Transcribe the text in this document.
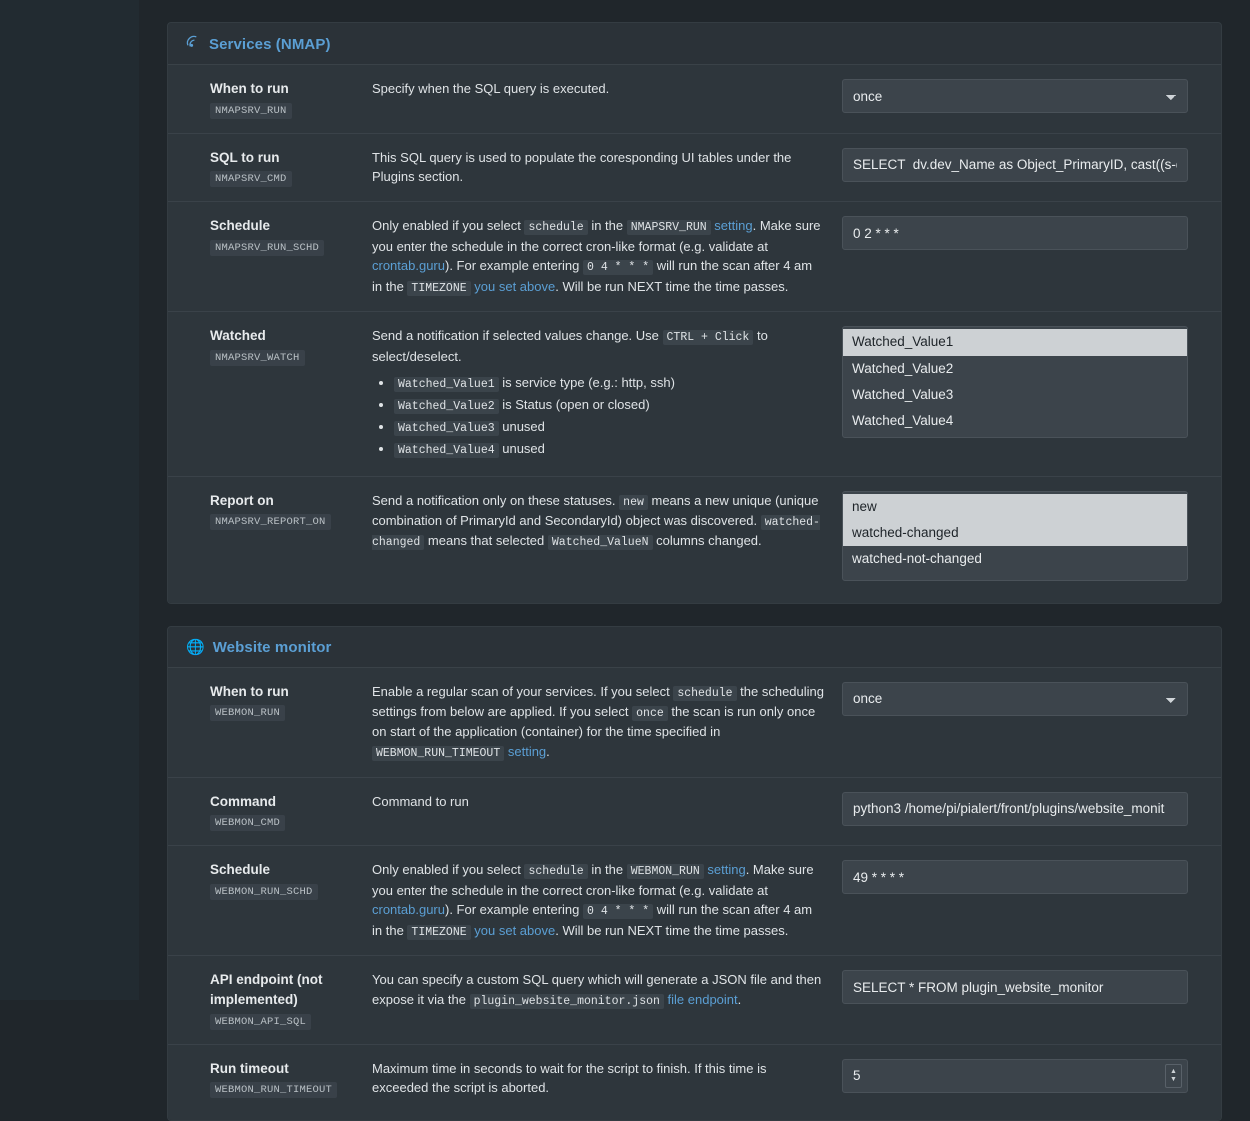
Services (NMAP)
When to run
NMAPSRV_RUN
Specify when the SQL query is executed.
once
SQL to run
NMAPSRV_CMD
This SQL query is used to populate the coresponding UI tables under the Plugins section.
SELECT dv.dev_Name as Object_PrimaryID, cast((s-quo
Schedule
NMAPSRV_RUN_SCHD
Only enabled if you select schedule in the NMAPSRV_RUN setting. Make sure you enter the schedule in the correct cron-like format (e.g. validate at crontab.guru). For example entering 0 4 * * * will run the scan after 4 am in the TIMEZONE you set above. Will be run NEXT time the time passes.
0 2 * * *
Watched
NMAPSRV_WATCH
Send a notification if selected values change. Use CTRL + Click to select/deselect.
• Watched_Value1 is service type (e.g.: http, ssh)
• Watched_Value2 is Status (open or closed)
• Watched_Value3 unused
• Watched_Value4 unused
Watched_Value1
Watched_Value2
Watched_Value3
Watched_Value4
Report on
NMAPSRV_REPORT_ON
Send a notification only on these statuses. new means a new unique (unique combination of PrimaryId and SecondaryId) object was discovered. watched-changed means that selected Watched_ValueN columns changed.
new
watched-changed
watched-not-changed
🌐 Website monitor
When to run
WEBMON_RUN
Enable a regular scan of your services. If you select schedule the scheduling settings from below are applied. If you select once the scan is run only once on start of the application (container) for the time specified in WEBMON_RUN_TIMEOUT setting.
once
Command
WEBMON_CMD
Command to run
python3 /home/pi/pialert/front/plugins/website_monit
Schedule
WEBMON_RUN_SCHD
Only enabled if you select schedule in the WEBMON_RUN setting. Make sure you enter the schedule in the correct cron-like format (e.g. validate at crontab.guru). For example entering 0 4 * * * will run the scan after 4 am in the TIMEZONE you set above. Will be run NEXT time the time passes.
49 * * * *
API endpoint (not implemented)
WEBMON_API_SQL
You can specify a custom SQL query which will generate a JSON file and then expose it via the plugin_website_monitor.json file endpoint.
SELECT * FROM plugin_website_monitor
Run timeout
WEBMON_RUN_TIMEOUT
Maximum time in seconds to wait for the script to finish. If this time is exceeded the script is aborted.
5
▲
▼
